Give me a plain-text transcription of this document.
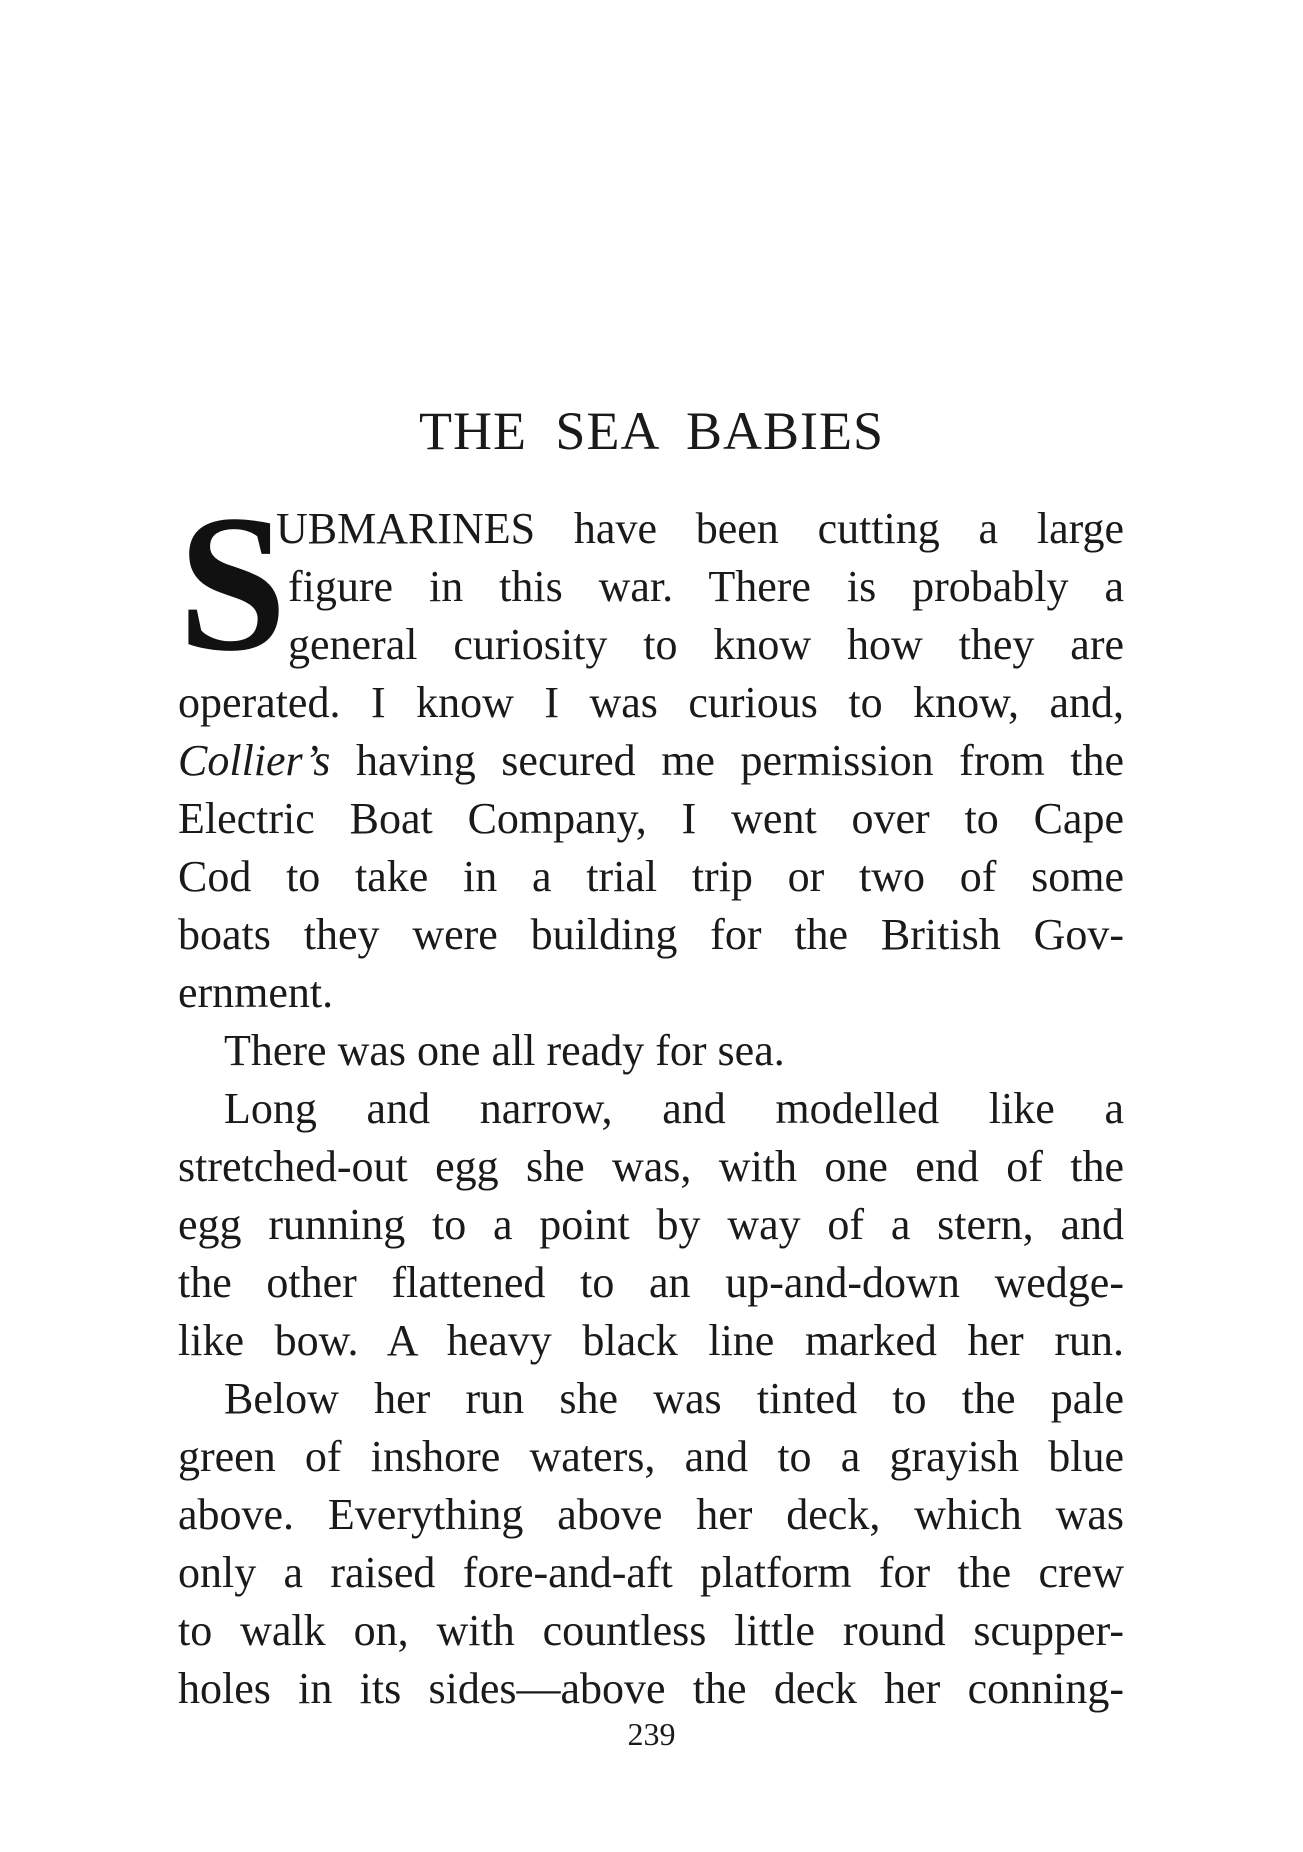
THE SEA BABIES
S
UBMARINES have been cutting a large
figure in this war. There is probably a
general curiosity to know how they are
operated. I know I was curious to know, and,
Collier’s having secured me permission from the
Electric Boat Company, I went over to Cape
Cod to take in a trial trip or two of some
boats they were building for the British Gov-
ernment.
There was one all ready for sea.
Long and narrow, and modelled like a
stretched-out egg she was, with one end of the
egg running to a point by way of a stern, and
the other flattened to an up-and-down wedge-
like bow. A heavy black line marked her run.
Below her run she was tinted to the pale
green of inshore waters, and to a grayish blue
above. Everything above her deck, which was
only a raised fore-and-aft platform for the crew
to walk on, with countless little round scupper-
holes in its sides—above the deck her conning-
239
